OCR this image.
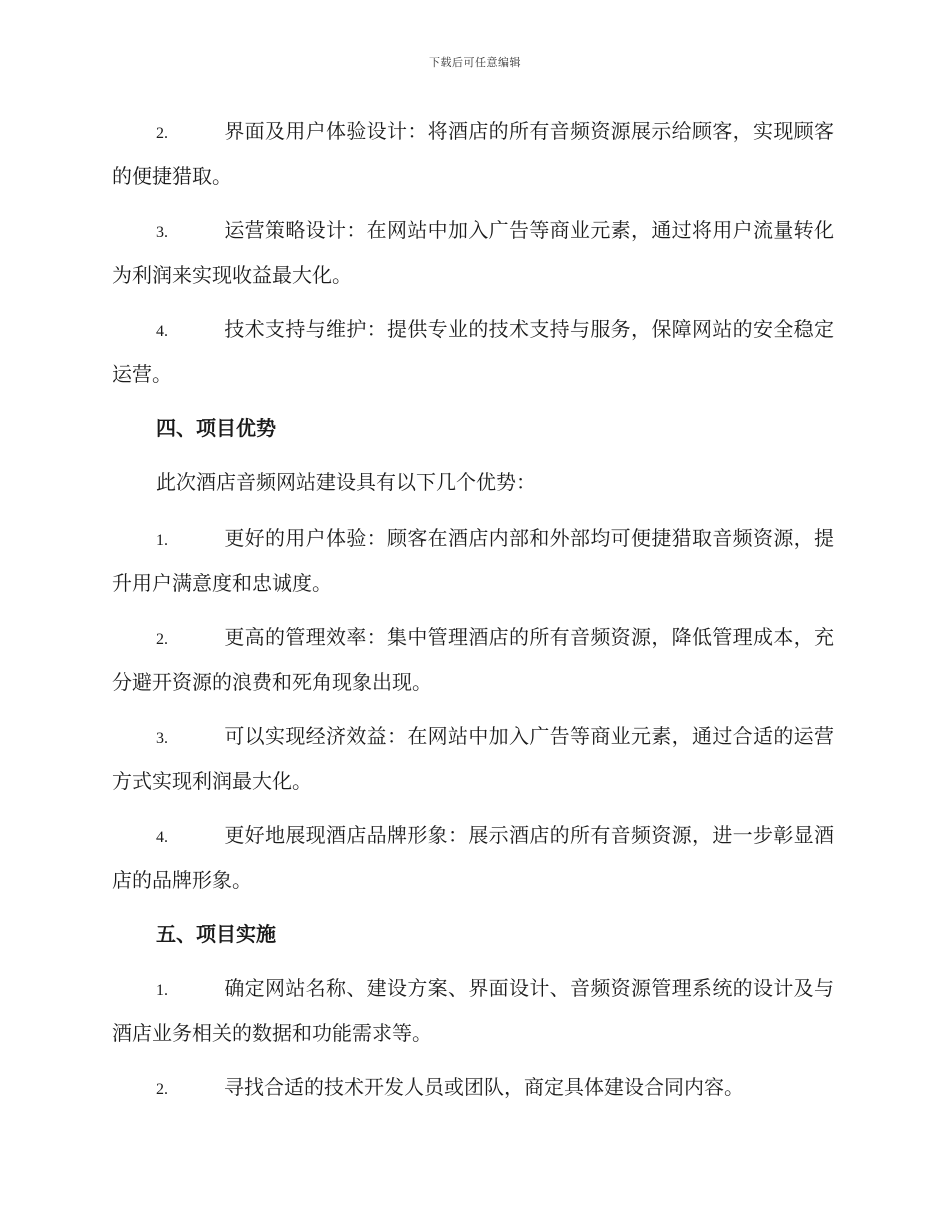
下载后可任意编辑
2.	界面及用户体验设计：将酒店的所有音频资源展示给顾客，实现顾客的便捷猎取。
3.	运营策略设计：在网站中加入广告等商业元素，通过将用户流量转化为利润来实现收益最大化。
4.	技术支持与维护：提供专业的技术支持与服务，保障网站的安全稳定运营。
四、项目优势
此次酒店音频网站建设具有以下几个优势：
1.	更好的用户体验：顾客在酒店内部和外部均可便捷猎取音频资源，提升用户满意度和忠诚度。
2.	更高的管理效率：集中管理酒店的所有音频资源，降低管理成本，充分避开资源的浪费和死角现象出现。
3.	可以实现经济效益：在网站中加入广告等商业元素，通过合适的运营方式实现利润最大化。
4.	更好地展现酒店品牌形象：展示酒店的所有音频资源，进一步彰显酒店的品牌形象。
五、项目实施
1.	确定网站名称、建设方案、界面设计、音频资源管理系统的设计及与酒店业务相关的数据和功能需求等。
2.	寻找合适的技术开发人员或团队，商定具体建设合同内容。
